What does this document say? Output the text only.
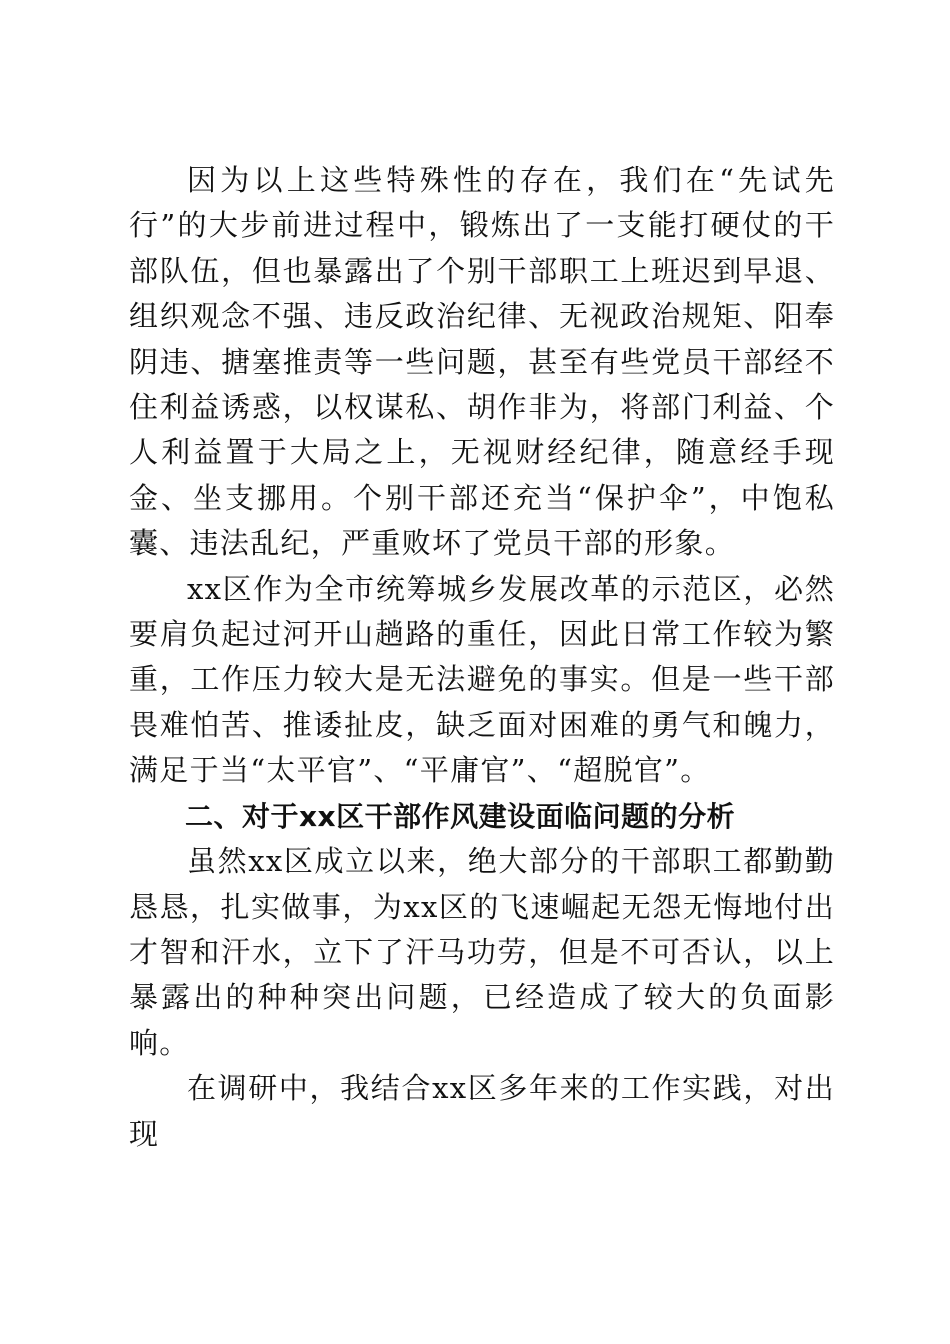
因为以上这些特殊性的存在，我们在“先试先行”的大步前进过程中，锻炼出了一支能打硬仗的干部队伍，但也暴露出了个别干部职工上班迟到早退、组织观念不强、违反政治纪律、无视政治规矩、阳奉阴违、搪塞推责等一些问题，甚至有些党员干部经不住利益诱惑，以权谋私、胡作非为，将部门利益、个人利益置于大局之上，无视财经纪律，随意经手现金、坐支挪用。个别干部还充当“保护伞”，中饱私囊、违法乱纪，严重败坏了党员干部的形象。

xx区作为全市统筹城乡发展改革的示范区，必然要肩负起过河开山趟路的重任，因此日常工作较为繁重，工作压力较大是无法避免的事实。但是一些干部畏难怕苦、推诿扯皮，缺乏面对困难的勇气和魄力，满足于当“太平官”、“平庸官”、“超脱官”。

二、对于xx区干部作风建设面临问题的分析

虽然xx区成立以来，绝大部分的干部职工都勤勤恳恳，扎实做事，为xx区的飞速崛起无怨无悔地付出才智和汗水，立下了汗马功劳，但是不可否认，以上暴露出的种种突出问题，已经造成了较大的负面影响。

在调研中，我结合xx区多年来的工作实践，对出现
